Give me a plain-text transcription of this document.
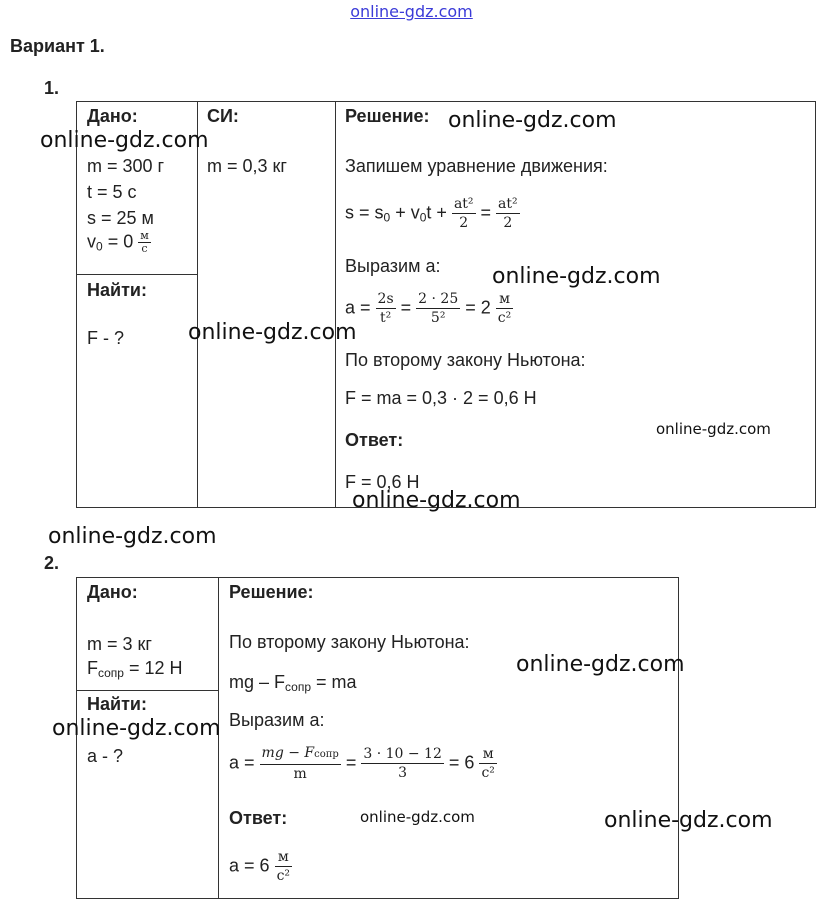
online-gdz.com
Вариант 1.
1.
Дано:
m = 300 г
t = 5 с
s = 25 м
$v_0 = 0 \frac{м}{с}$
Найти:
F - ?
СИ:
m = 0,3 кг
Решение:
Запишем уравнение движения:
$s = s_0 + v_0t + \frac{\text{at²}}{2} = \frac{\text{at²}}{2}$
Выразим а:
$a = \frac{2s}{\text{t²}} = \frac{2 \cdot 25}{\text{5²}} = 2 \frac{м}{\text{с²}}$
По второму закону Ньютона:
F = ma = 0,3 · 2 = 0,6 Н
Ответ:
F = 0,6 Н
2.
Дано:
m = 3 кг
$F_{сопр} = 12$ Н
Найти:
a - ?
Решение:
По второму закону Ньютона:
mg – $F_{сопр}$ = ma
Выразим а:
$a = \frac{\text{mg − Fсопр}}{m} = \frac{3 \cdot 10 - 12}{3} = 6 \frac{м}{\text{с²}}$
Ответ:
$a = 6 \frac{м}{\text{с²}}$
online-gdz.com
online-gdz.com
online-gdz.com
online-gdz.com
online-gdz.com
online-gdz.com
online-gdz.com
online-gdz.com
online-gdz.com
online-gdz.com	online-gdz.com
